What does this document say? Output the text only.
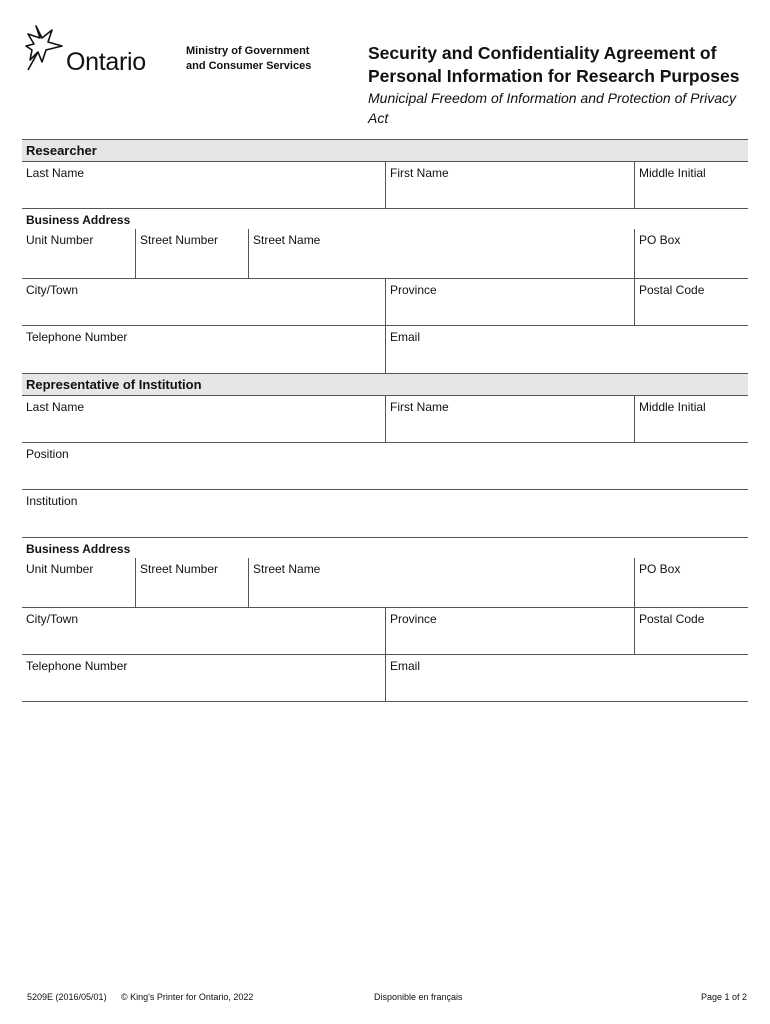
Ontario	Ministry of Government
and Consumer Services
Security and Confidentiality Agreement of Personal Information for Research Purposes
Municipal Freedom of Information and Protection of Privacy Act
Researcher
Last Name	First Name	Middle Initial
Business Address
Unit Number	Street Number	Street Name	PO Box
City/Town	Province	Postal Code
Telephone Number	Email
Representative of Institution
Last Name	First Name	Middle Initial
Position
Institution
Business Address
Unit Number	Street Number	Street Name	PO Box
City/Town	Province	Postal Code
Telephone Number	Email
5209E (2016/05/01) © King's Printer for Ontario, 2022	Disponible en français	Page 1 of 2
